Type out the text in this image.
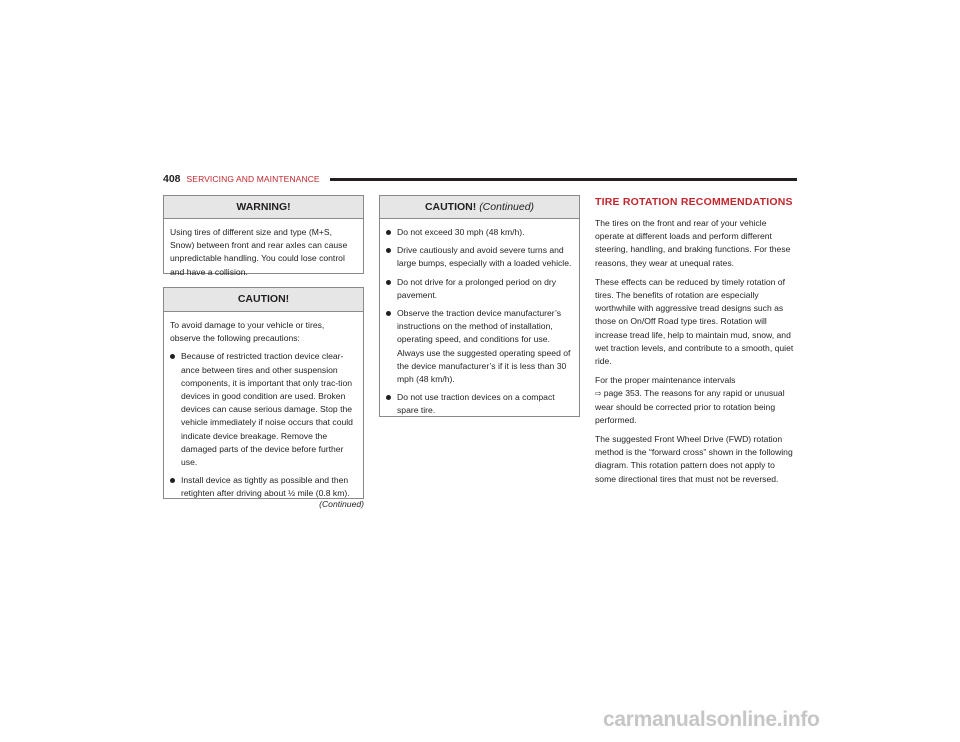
408 SERVICING AND MAINTENANCE
WARNING!

Using tires of different size and type (M+S, Snow) between front and rear axles can cause unpredictable handling. You could lose control and have a collision.

CAUTION!

To avoid damage to your vehicle or tires, observe the following precautions:

Because of restricted traction device clear-ance between tires and other suspension components, it is important that only trac-tion devices in good condition are used. Broken devices can cause serious damage. Stop the vehicle immediately if noise occurs that could indicate device breakage. Remove the damaged parts of the device before further use.
Install device as tightly as possible and then retighten after driving about ½ mile (0.8 km).
(Continued)
CAUTION! (Continued)
Do not exceed 30 mph (48 km/h).
Drive cautiously and avoid severe turns and large bumps, especially with a loaded vehicle.
Do not drive for a prolonged period on dry pavement.
Observe the traction device manufacturer’s instructions on the method of installation, operating speed, and conditions for use. Always use the suggested operating speed of the device manufacturer’s if it is less than 30 mph (48 km/h).
Do not use traction devices on a compact spare tire.
TIRE ROTATION RECOMMENDATIONS

The tires on the front and rear of your vehicle operate at different loads and perform different steering, handling, and braking functions. For these reasons, they wear at unequal rates.

These effects can be reduced by timely rotation of tires. The benefits of rotation are especially worthwhile with aggressive tread designs such as those on On/Off Road type tires. Rotation will increase tread life, help to maintain mud, snow, and wet traction levels, and contribute to a smooth, quiet ride.

For the proper maintenance intervals
⇨ page 353. The reasons for any rapid or unusual wear should be corrected prior to rotation being performed.

The suggested Front Wheel Drive (FWD) rotation method is the “forward cross” shown in the following diagram. This rotation pattern does not apply to some directional tires that must not be reversed.

carmanualsonline.info
